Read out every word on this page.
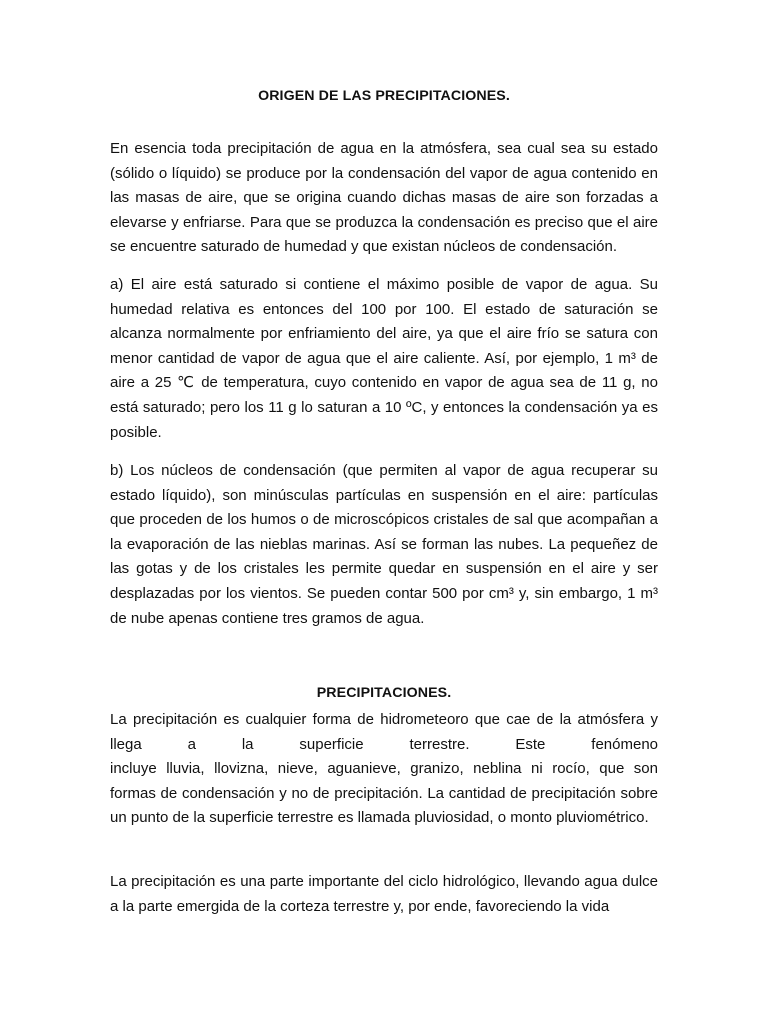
ORIGEN DE LAS PRECIPITACIONES.

En esencia toda precipitación de agua en la atmósfera, sea cual sea su estado (sólido o líquido) se produce por la condensación del vapor de agua contenido en las masas de aire, que se origina cuando dichas masas de aire son forzadas a elevarse y enfriarse. Para que se produzca la condensación es preciso que el aire se encuentre saturado de humedad y que existan núcleos de condensación.

a) El aire está saturado si contiene el máximo posible de vapor de agua. Su humedad relativa es entonces del 100 por 100. El estado de saturación se alcanza normalmente por enfriamiento del aire, ya que el aire frío se satura con menor cantidad de vapor de agua que el aire caliente. Así, por ejemplo, 1 m³ de aire a 25 ℃ de temperatura, cuyo contenido en vapor de agua sea de 11 g, no está saturado; pero los 11 g lo saturan a 10 ºC, y entonces la condensación ya es posible.

b) Los núcleos de condensación (que permiten al vapor de agua recuperar su estado líquido), son minúsculas partículas en suspensión en el aire: partículas que proceden de los humos o de microscópicos cristales de sal que acompañan a la evaporación de las nieblas marinas. Así se forman las nubes. La pequeñez de las gotas y de los cristales les permite quedar en suspensión en el aire y ser desplazadas por los vientos. Se pueden contar 500 por cm³ y, sin embargo, 1 m³ de nube apenas contiene tres gramos de agua.

PRECIPITACIONES.
La precipitación es cualquier forma de hidrometeoro que cae de la atmósfera y
llega a la superficie terrestre. Este fenómeno
incluye lluvia, llovizna, nieve, aguanieve, granizo, neblina ni rocío, que son
formas de condensación y no de precipitación. La cantidad de precipitación sobre un punto de la superficie terrestre es llamada pluviosidad, o monto pluviométrico.

La precipitación es una parte importante del ciclo hidrológico, llevando agua dulce a la parte emergida de la corteza terrestre y, por ende, favoreciendo la vida
